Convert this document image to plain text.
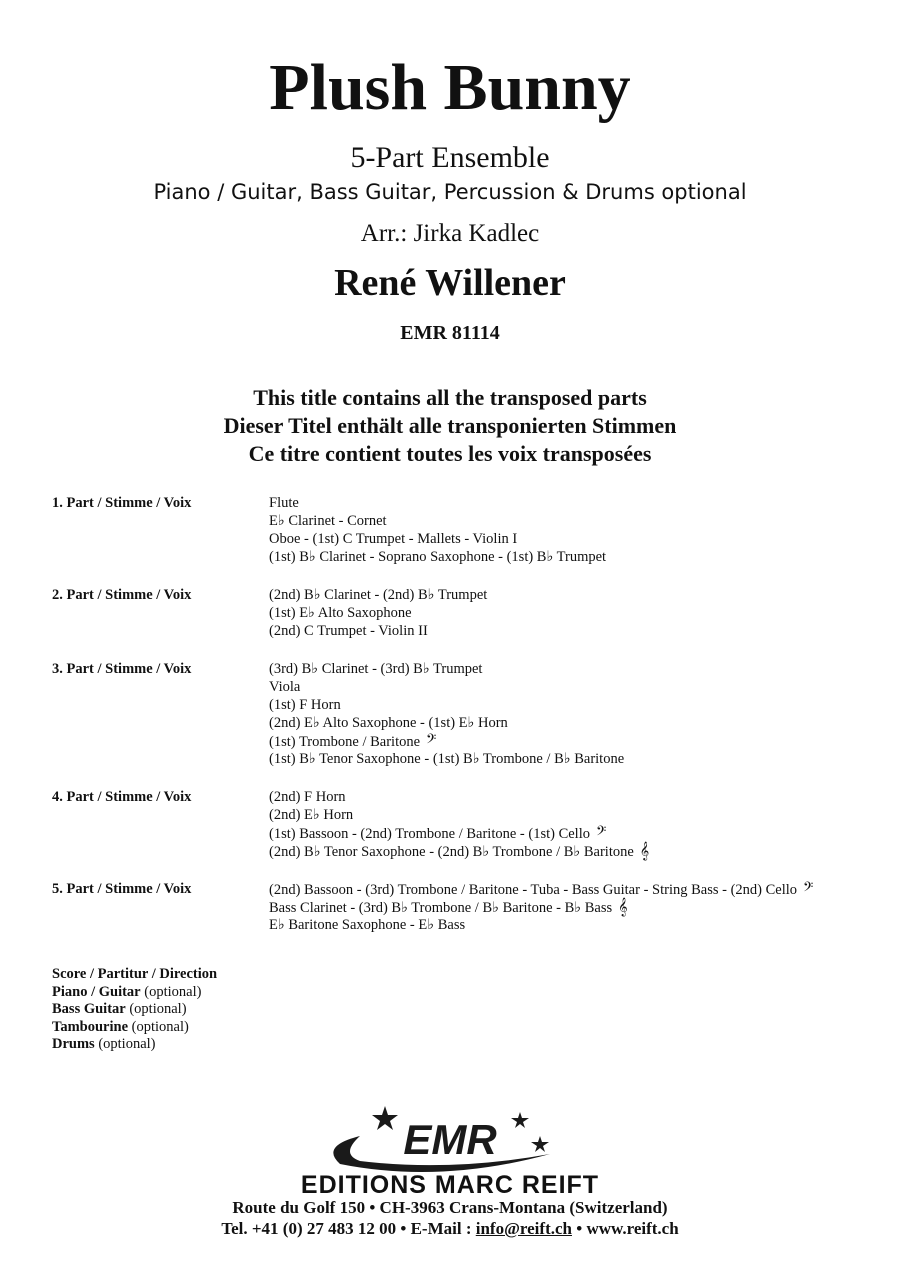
Plush Bunny
5-Part Ensemble
Piano / Guitar, Bass Guitar, Percussion & Drums optional
Arr.: Jirka Kadlec
René Willener
EMR 81114
This title contains all the transposed parts
Dieser Titel enthält alle transponierten Stimmen
Ce titre contient toutes les voix transposées
1. Part / Stimme / Voix	Flute
E♭ Clarinet - Cornet
Oboe - (1st) C Trumpet - Mallets - Violin I
(1st) B♭ Clarinet - Soprano Saxophone - (1st) B♭ Trumpet
2. Part / Stimme / Voix	(2nd) B♭ Clarinet - (2nd) B♭ Trumpet
(1st) E♭ Alto Saxophone
(2nd) C Trumpet - Violin II
3. Part / Stimme / Voix	(3rd) B♭ Clarinet - (3rd) B♭ Trumpet
Viola
(1st) F Horn
(2nd) E♭ Alto Saxophone - (1st) E♭ Horn
(1st) Trombone / Baritone 𝄢
(1st) B♭ Tenor Saxophone - (1st) B♭ Trombone / B♭ Baritone
4. Part / Stimme / Voix	(2nd) F Horn
(2nd) E♭ Horn
(1st) Bassoon - (2nd) Trombone / Baritone - (1st) Cello 𝄢
(2nd) B♭ Tenor Saxophone - (2nd) B♭ Trombone / B♭ Baritone 𝄞
5. Part / Stimme / Voix	(2nd) Bassoon - (3rd) Trombone / Baritone - Tuba - Bass Guitar - String Bass - (2nd) Cello 𝄢
Bass Clarinet - (3rd) B♭ Trombone / B♭ Baritone - B♭ Bass 𝄞
E♭ Baritone Saxophone - E♭ Bass
Score / Partitur / Direction
Piano / Guitar (optional)
Bass Guitar (optional)
Tambourine (optional)
Drums (optional)
EMR
EDITIONS MARC REIFT
Route du Golf 150 • CH-3963 Crans-Montana (Switzerland)
Tel. +41 (0) 27 483 12 00 • E-Mail : info@reift.ch • www.reift.ch
